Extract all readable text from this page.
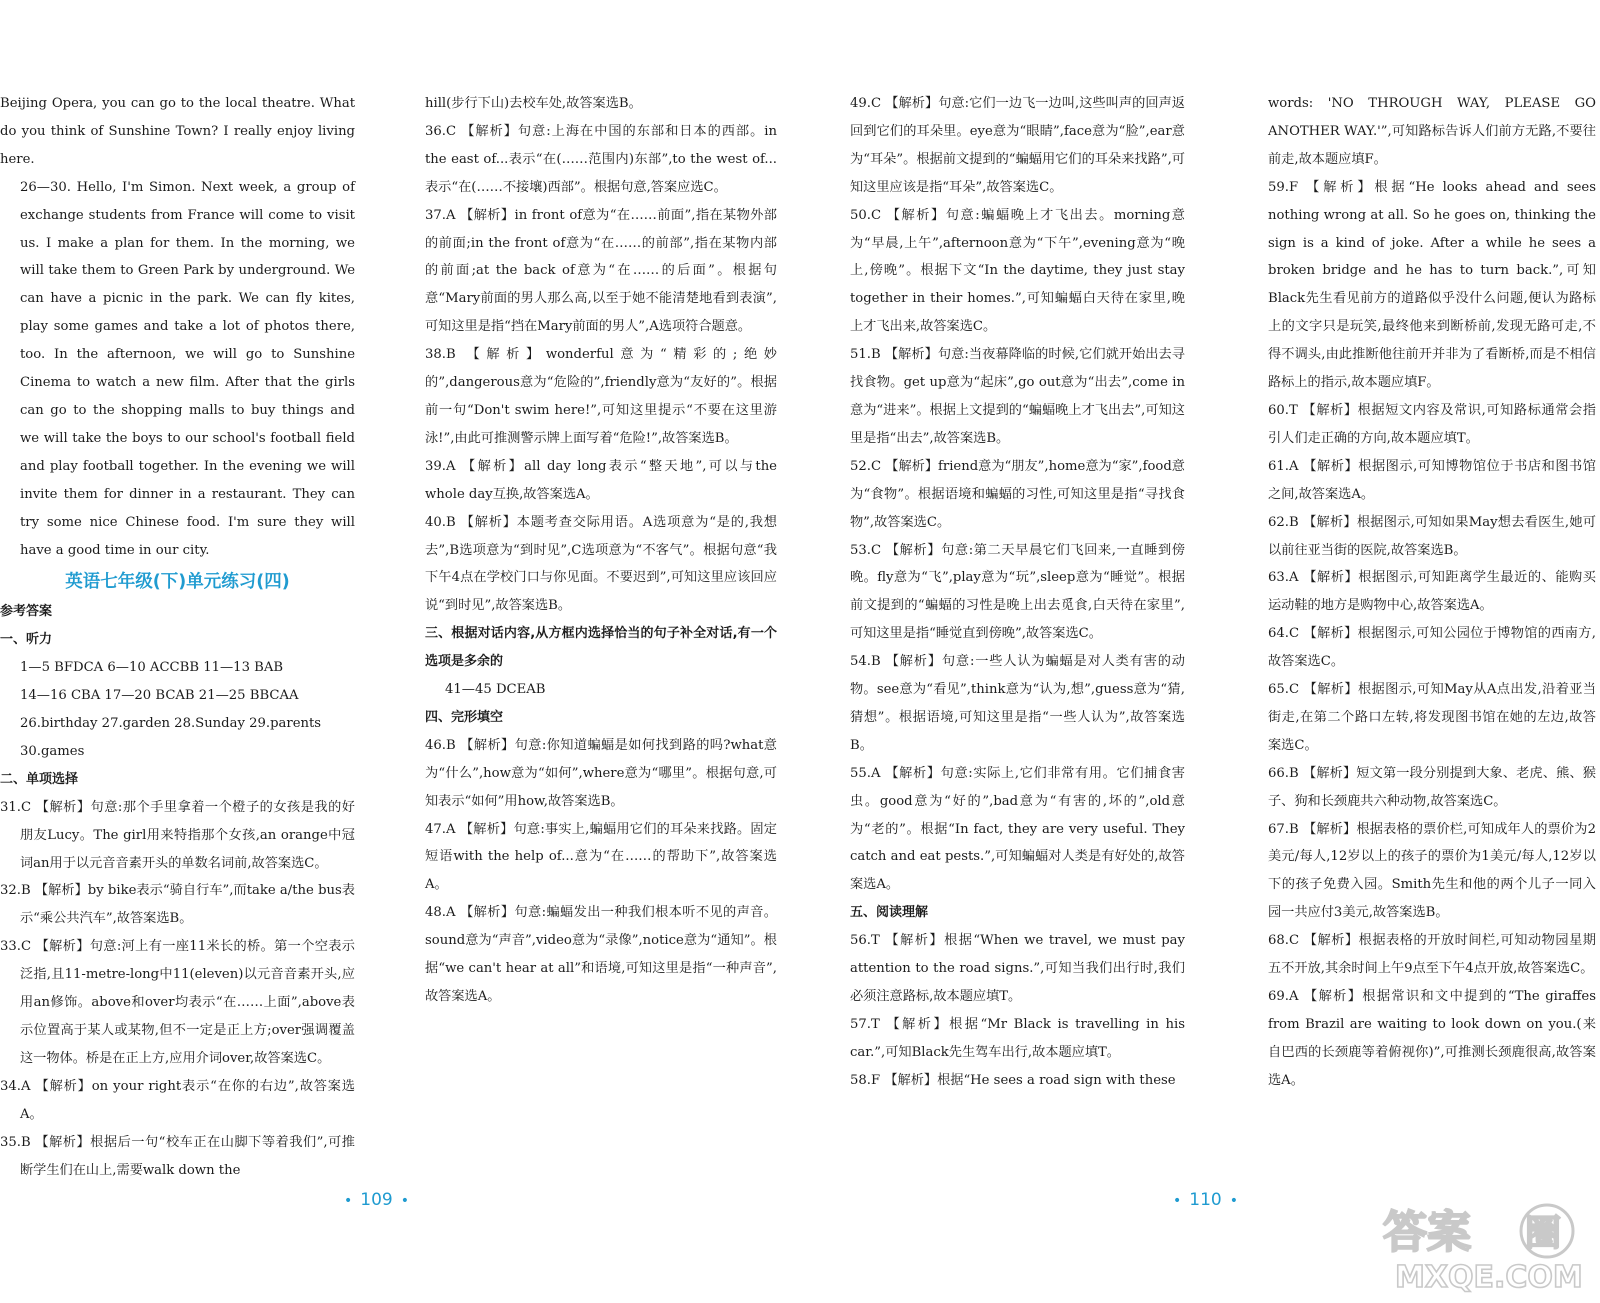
Beijing Opera, you can go to the local theatre. What do you think of Sunshine Town? I really enjoy living here.

26—30. Hello, I'm Simon. Next week, a group of exchange students from France will come to visit us. I make a plan for them. In the morning, we will take them to Green Park by underground. We can have a picnic in the park. We can fly kites, play some games and take a lot of photos there, too. In the afternoon, we will go to Sunshine Cinema to watch a new film. After that the girls can go to the shopping malls to buy things and we will take the boys to our school's football field and play football together. In the evening we will invite them for dinner in a restaurant. They can try some nice Chinese food. I'm sure they will have a good time in our city.

英语七年级(下)单元练习(四)

参考答案

一、听力

1—5 BFDCA 6—10 ACCBB 11—13 BAB

14—16 CBA 17—20 BCAB 21—25 BBCAA

26.birthday 27.garden 28.Sunday 29.parents

30.games

二、单项选择

31.C 【解析】句意:那个手里拿着一个橙子的女孩是我的好朋友Lucy。The girl用来特指那个女孩,an orange中冠词an用于以元音音素开头的单数名词前,故答案选C。

32.B 【解析】by bike表示“骑自行车”,而take a/the bus表示“乘公共汽车”,故答案选B。

33.C 【解析】句意:河上有一座11米长的桥。第一个空表示泛指,且11-metre-long中11(eleven)以元音音素开头,应用an修饰。above和over均表示“在……上面”,above表示位置高于某人或某物,但不一定是正上方;over强调覆盖这一物体。桥是在正上方,应用介词over,故答案选C。

34.A 【解析】on your right表示“在你的右边”,故答案选A。

35.B 【解析】根据后一句“校车正在山脚下等着我们”,可推断学生们在山上,需要walk down the

hill(步行下山)去校车处,故答案选B。

36.C 【解析】句意:上海在中国的东部和日本的西部。in the east of...表示“在(……范围内)东部”,to the west of...表示“在(……不接壤)西部”。根据句意,答案应选C。

37.A 【解析】in front of意为“在……前面”,指在某物外部的前面;in the front of意为“在……的前部”,指在某物内部的前面;at the back of意为“在……的后面”。根据句意“Mary前面的男人那么高,以至于她不能清楚地看到表演”,可知这里是指“挡在Mary前面的男人”,A选项符合题意。

38.B 【解析】wonderful意为“精彩的;绝妙的”,dangerous意为“危险的”,friendly意为“友好的”。根据前一句“Don't swim here!”,可知这里提示“不要在这里游泳!”,由此可推测警示牌上面写着“危险!”,故答案选B。

39.A 【解析】all day long表示“整天地”,可以与the whole day互换,故答案选A。

40.B 【解析】本题考查交际用语。A选项意为“是的,我想去”,B选项意为“到时见”,C选项意为“不客气”。根据句意“我下午4点在学校门口与你见面。不要迟到”,可知这里应该回应说“到时见”,故答案选B。

三、根据对话内容,从方框内选择恰当的句子补全对话,有一个选项是多余的

41—45 DCEAB

四、完形填空

46.B 【解析】句意:你知道蝙蝠是如何找到路的吗?what意为“什么”,how意为“如何”,where意为“哪里”。根据句意,可知表示“如何”用how,故答案选B。

47.A 【解析】句意:事实上,蝙蝠用它们的耳朵来找路。固定短语with the help of...意为“在……的帮助下”,故答案选A。

48.A 【解析】句意:蝙蝠发出一种我们根本听不见的声音。sound意为“声音”,video意为“录像”,notice意为“通知”。根据“we can't hear at all”和语境,可知这里是指“一种声音”,故答案选A。

49.C 【解析】句意:它们一边飞一边叫,这些叫声的回声返回到它们的耳朵里。eye意为“眼睛”,face意为“脸”,ear意为“耳朵”。根据前文提到的“蝙蝠用它们的耳朵来找路”,可知这里应该是指“耳朵”,故答案选C。

50.C 【解析】句意:蝙蝠晚上才飞出去。morning意为“早晨,上午”,afternoon意为“下午”,evening意为“晚上,傍晚”。根据下文“In the daytime, they just stay together in their homes.”,可知蝙蝠白天待在家里,晚上才飞出来,故答案选C。

51.B 【解析】句意:当夜幕降临的时候,它们就开始出去寻找食物。get up意为“起床”,go out意为“出去”,come in意为“进来”。根据上文提到的“蝙蝠晚上才飞出去”,可知这里是指“出去”,故答案选B。

52.C 【解析】friend意为“朋友”,home意为“家”,food意为“食物”。根据语境和蝙蝠的习性,可知这里是指“寻找食物”,故答案选C。

53.C 【解析】句意:第二天早晨它们飞回来,一直睡到傍晚。fly意为“飞”,play意为“玩”,sleep意为“睡觉”。根据前文提到的“蝙蝠的习性是晚上出去觅食,白天待在家里”,可知这里是指“睡觉直到傍晚”,故答案选C。

54.B 【解析】句意:一些人认为蝙蝠是对人类有害的动物。see意为“看见”,think意为“认为,想”,guess意为“猜,猜想”。根据语境,可知这里是指“一些人认为”,故答案选B。

55.A 【解析】句意:实际上,它们非常有用。它们捕食害虫。good意为“好的”,bad意为“有害的,坏的”,old意为“老的”。根据“In fact, they are very useful. They catch and eat pests.”,可知蝙蝠对人类是有好处的,故答案选A。

五、阅读理解

56.T 【解析】根据“When we travel, we must pay attention to the road signs.”,可知当我们出行时,我们必须注意路标,故本题应填T。

57.T 【解析】根据“Mr Black is travelling in his car.”,可知Black先生驾车出行,故本题应填T。

58.F 【解析】根据“He sees a road sign with these

words: 'NO THROUGH WAY, PLEASE GO ANOTHER WAY.'”,可知路标告诉人们前方无路,不要往前走,故本题应填F。

59.F 【解析】根据“He looks ahead and sees nothing wrong at all. So he goes on, thinking the sign is a kind of joke. After a while he sees a broken bridge and he has to turn back.”,可知Black先生看见前方的道路似乎没什么问题,便认为路标上的文字只是玩笑,最终他来到断桥前,发现无路可走,不得不调头,由此推断他往前开并非为了看断桥,而是不相信路标上的指示,故本题应填F。

60.T 【解析】根据短文内容及常识,可知路标通常会指引人们走正确的方向,故本题应填T。

61.A 【解析】根据图示,可知博物馆位于书店和图书馆之间,故答案选A。

62.B 【解析】根据图示,可知如果May想去看医生,她可以前往亚当街的医院,故答案选B。

63.A 【解析】根据图示,可知距离学生最近的、能购买运动鞋的地方是购物中心,故答案选A。

64.C 【解析】根据图示,可知公园位于博物馆的西南方,故答案选C。

65.C 【解析】根据图示,可知May从A点出发,沿着亚当街走,在第二个路口左转,将发现图书馆在她的左边,故答案选C。

66.B 【解析】短文第一段分别提到大象、老虎、熊、猴子、狗和长颈鹿共六种动物,故答案选C。

67.B 【解析】根据表格的票价栏,可知成年人的票价为2美元/每人,12岁以上的孩子的票价为1美元/每人,12岁以下的孩子免费入园。Smith先生和他的两个儿子一同入园一共应付3美元,故答案选B。

68.C 【解析】根据表格的开放时间栏,可知动物园星期五不开放,其余时间上午9点至下午4点开放,故答案选C。

69.A 【解析】根据常识和文中提到的“The giraffes from Brazil are waiting to look down on you.(来自巴西的长颈鹿等着俯视你)”,可推测长颈鹿很高,故答案选A。

• 109 •	• 110 •
答案 圈
MXQE.COM
